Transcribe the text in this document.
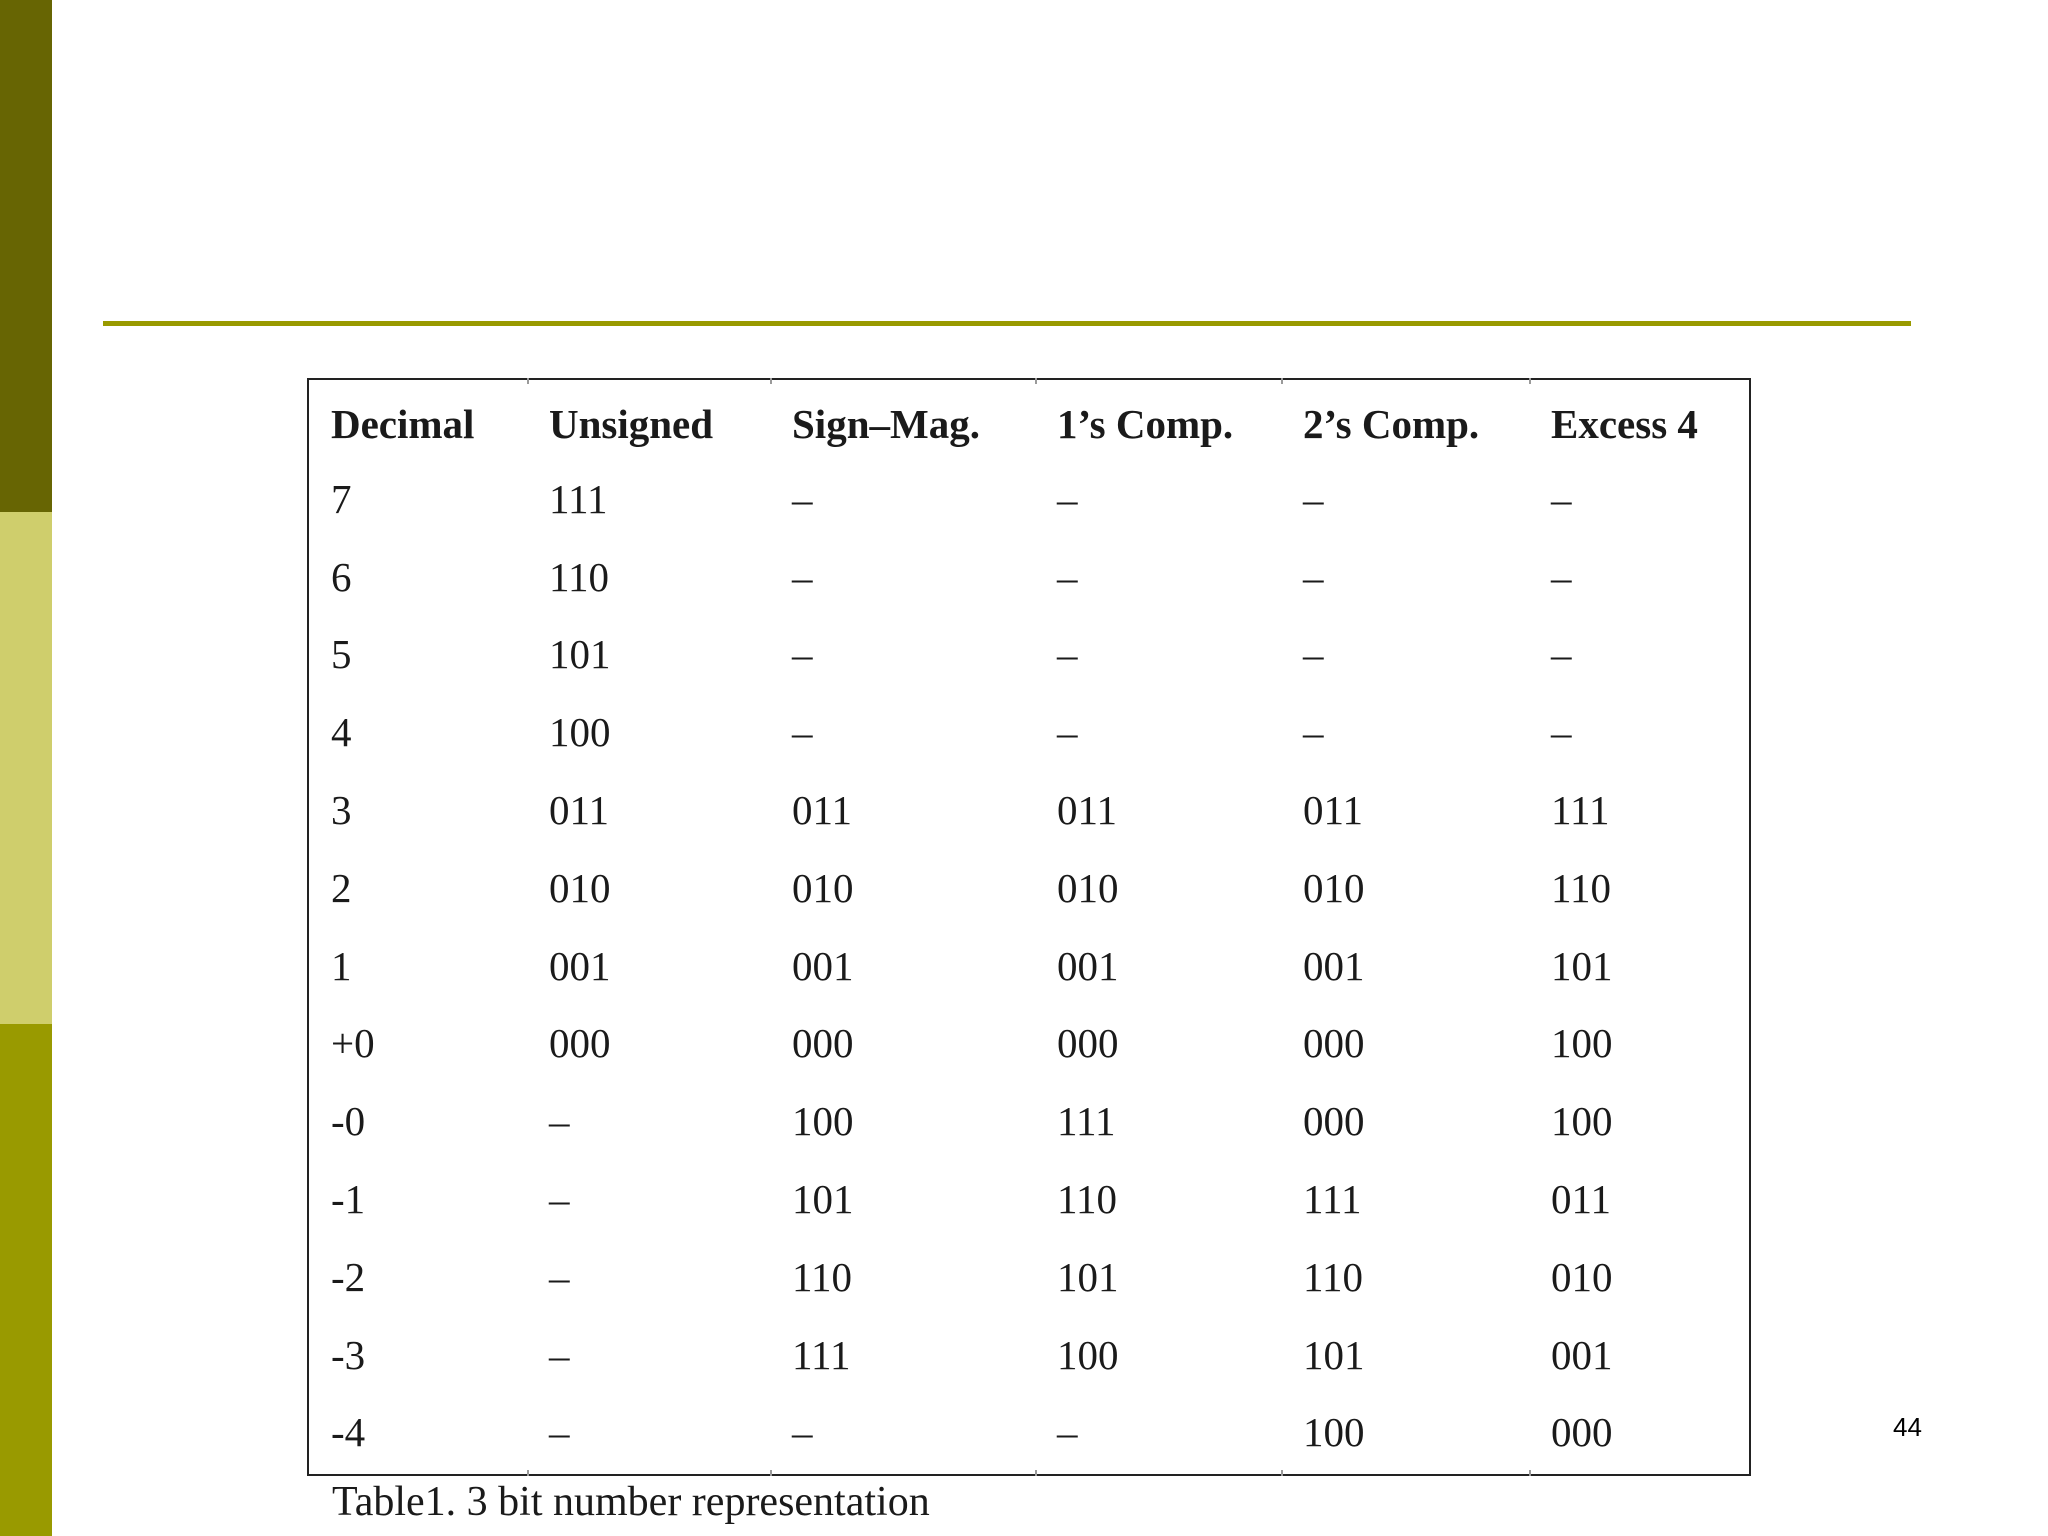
Decimal	Unsigned	Sign–Mag.	1’s Comp.	2’s Comp.	Excess 4
7	111	–	–	–	–
6	110	–	–	–	–
5	101	–	–	–	–
4	100	–	–	–	–
3	011	011	011	011	111
2	010	010	010	010	110
1	001	001	001	001	101
+0	000	000	000	000	100
-0	–	100	111	000	100
-1	–	101	110	111	011
-2	–	110	101	110	010
-3	–	111	100	101	001
-4	–	–	–	100	000
Table1. 3 bit number representation
44
